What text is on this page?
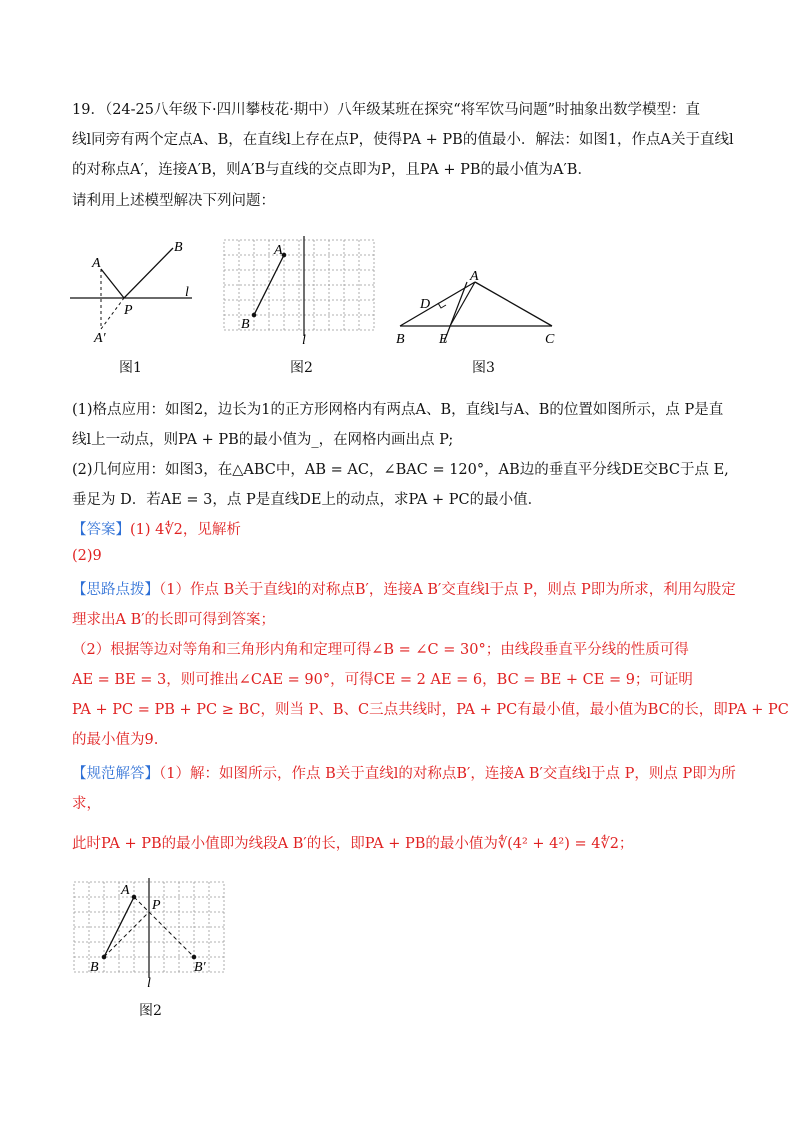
19．（24-25八年级下·四川攀枝花·期中）八年级某班在探究“将军饮马问题”时抽象出数学模型：直
线l同旁有两个定点A、B，在直线l上存在点P，使得PA + PB的值最小．解法：如图1，作点A关于直线l
的对称点A′，连接A′B，则A′B与直线的交点即为P，且PA + PB的最小值为A′B．
请利用上述模型解决下列问题：
A
B
P
A′
l
图1
A
B
l
图2
A
B	C
D
E
图3
(1)格点应用：如图2，边长为1的正方形网格内有两点A、B，直线l与A、B的位置如图所示，点 P是直
线l上一动点，则PA + PB的最小值为_，在网格内画出点 P;
(2)几何应用：如图3，在△ABC中，AB = AC，∠BAC = 120°，AB边的垂直平分线DE交BC于点 E,
垂足为 D．若AE = 3，点 P是直线DE上的动点，求PA + PC的最小值．
【答案】(1) 4∜2，见解析
(2)9
【思路点拨】（1）作点 B关于直线l的对称点B′，连接A B′交直线l于点 P，则点 P即为所求，利用勾股定
理求出A B′的长即可得到答案；
（2）根据等边对等角和三角形内角和定理可得∠B = ∠C = 30°；由线段垂直平分线的性质可得
AE = BE = 3，则可推出∠CAE = 90°，可得CE = 2 AE = 6，BC = BE + CE = 9；可证明
PA + PC = PB + PC ≥ BC，则当 P、B、C三点共线时，PA + PC有最小值，最小值为BC的长，即PA + PC
的最小值为9.
【规范解答】（1）解：如图所示，作点 B关于直线l的对称点B′，连接A B′交直线l于点 P，则点 P即为所
求，
此时PA + PB的最小值即为线段A B′的长，即PA + PB的最小值为∜(4² + 4²) = 4∜2；
A
B
P
B′
l
图2
